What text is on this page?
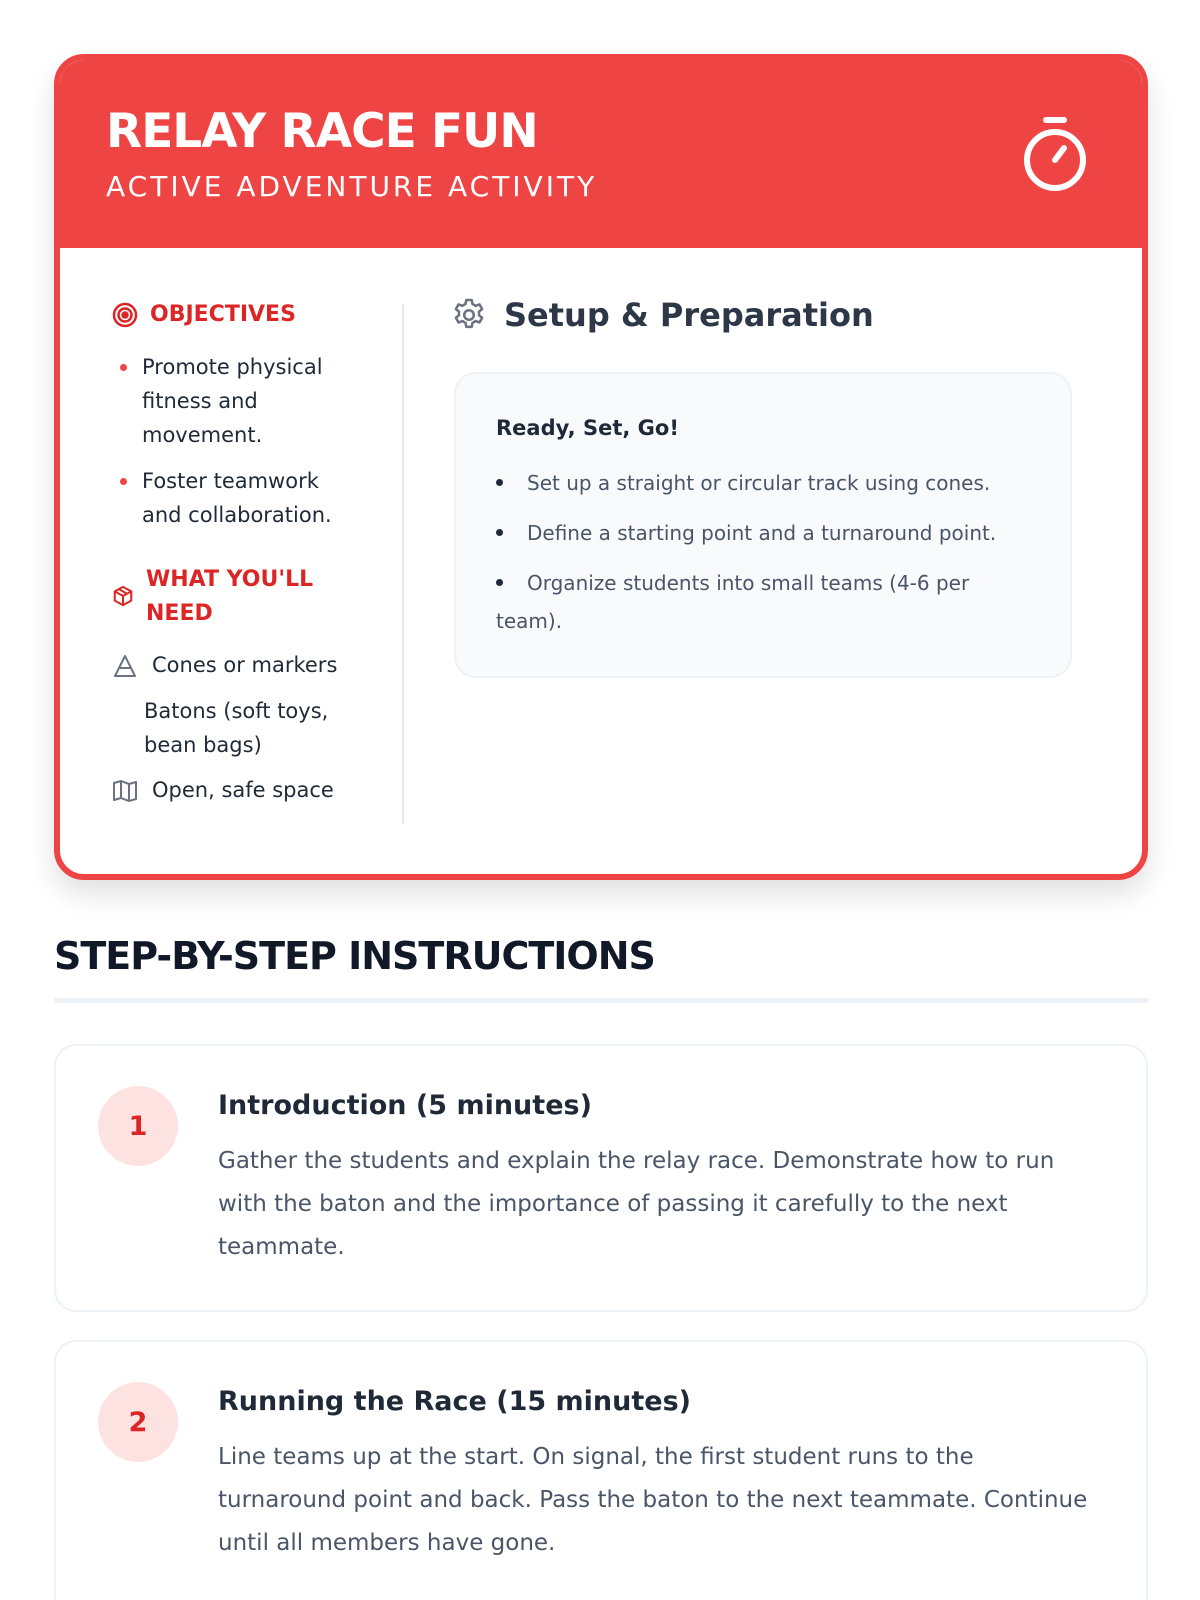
RELAY RACE FUN
ACTIVE ADVENTURE ACTIVITY
OBJECTIVES
Promote physical fitness and movement.
Foster teamwork and collaboration.
WHAT YOU'LL
NEED
Cones or markers
Batons (soft toys, bean bags)
Open, safe space
Setup & Preparation
Ready, Set, Go!
Set up a straight or circular track using cones.
Define a starting point and a turnaround point.
Organize students into small teams (4-6 per team).
STEP-BY-STEP INSTRUCTIONS
1
Introduction (5 minutes)
Gather the students and explain the relay race. Demonstrate how to run with the baton and the importance of passing it carefully to the next teammate.
2
Running the Race (15 minutes)
Line teams up at the start. On signal, the first student runs to the turnaround point and back. Pass the baton to the next teammate. Continue until all members have gone.
